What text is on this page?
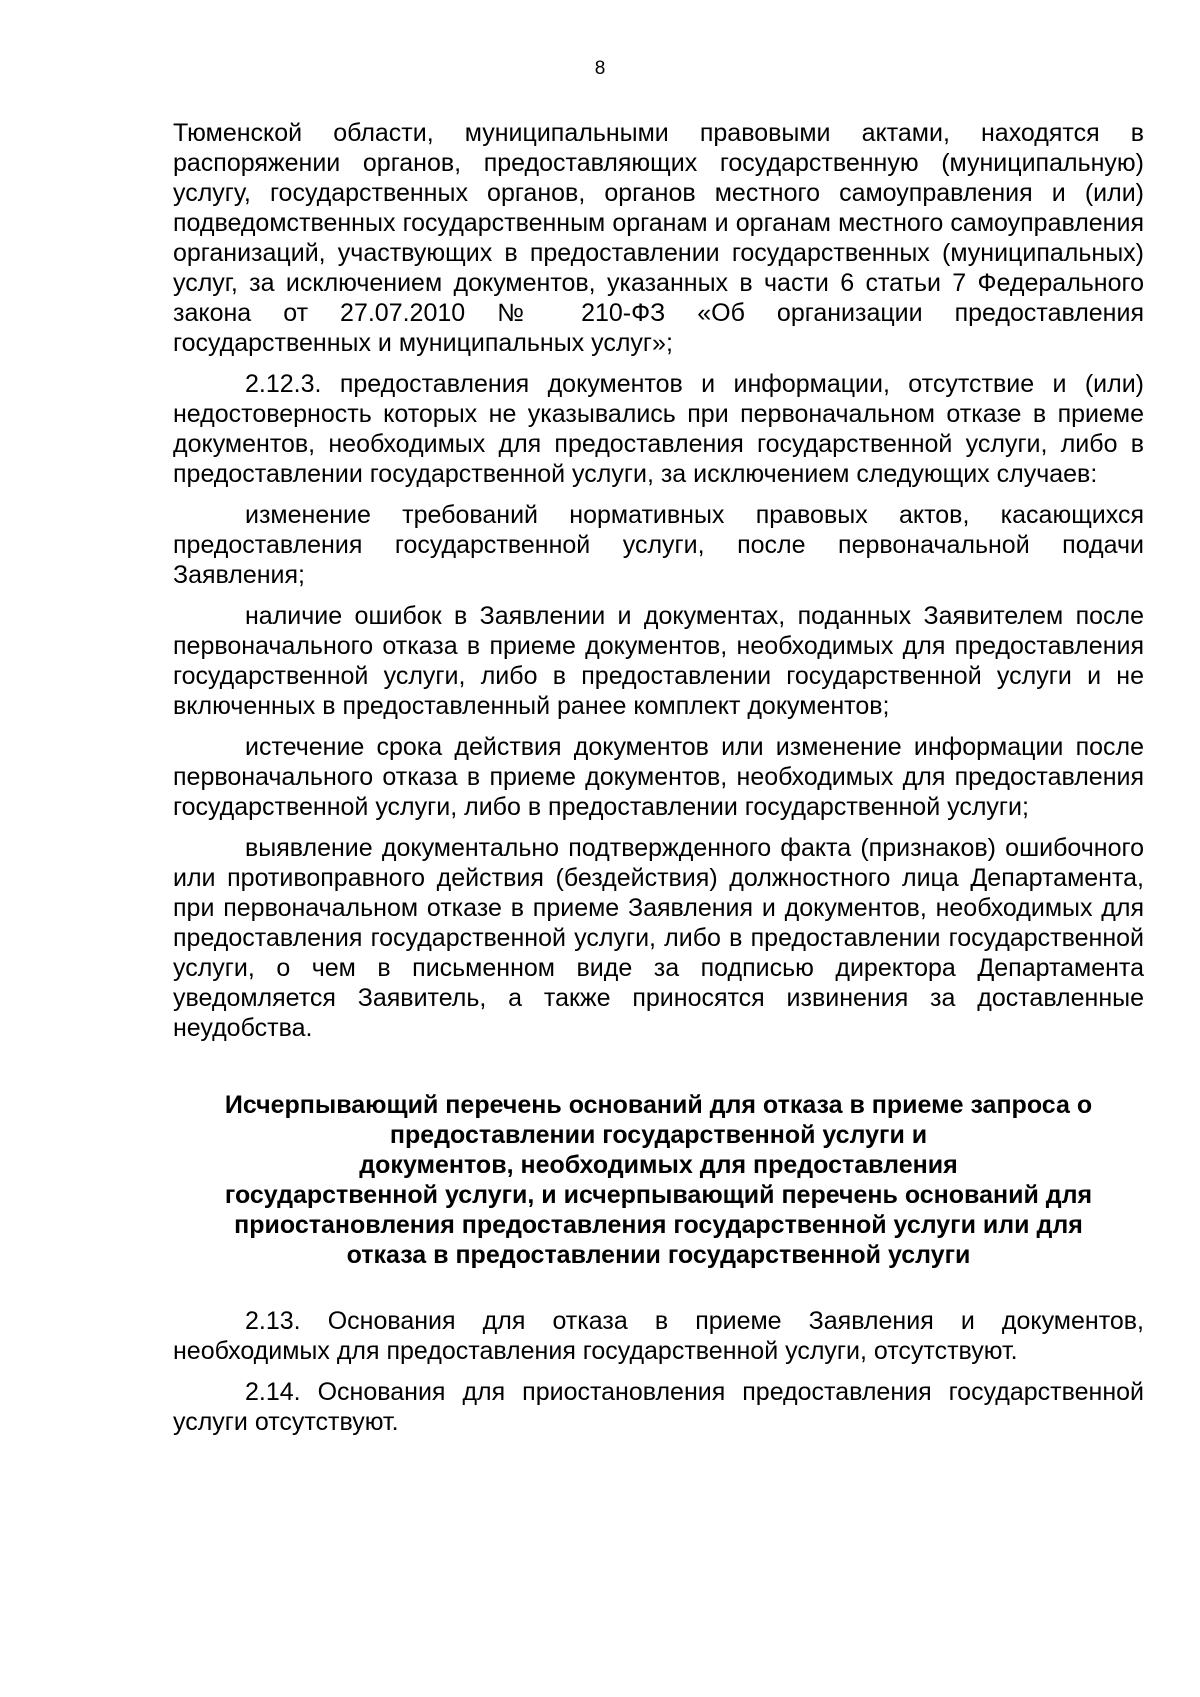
8

Тюменской области, муниципальными правовыми актами, находятся в распоряжении органов, предоставляющих государственную (муниципальную) услугу, государственных органов, органов местного самоуправления и (или) подведомственных государственным органам и органам местного самоуправления организаций, участвующих в предоставлении государственных (муниципальных) услуг, за исключением документов, указанных в части 6 статьи 7 Федерального закона от 27.07.2010 № 210-ФЗ «Об организации предоставления государственных и муниципальных услуг»;

2.12.3. предоставления документов и информации, отсутствие и (или) недостоверность которых не указывались при первоначальном отказе в приеме документов, необходимых для предоставления государственной услуги, либо в предоставлении государственной услуги, за исключением следующих случаев:

изменение требований нормативных правовых актов, касающихся предоставления государственной услуги, после первоначальной подачи Заявления;

наличие ошибок в Заявлении и документах, поданных Заявителем после первоначального отказа в приеме документов, необходимых для предоставления государственной услуги, либо в предоставлении государственной услуги и не включенных в предоставленный ранее комплект документов;

истечение срока действия документов или изменение информации после первоначального отказа в приеме документов, необходимых для предоставления государственной услуги, либо в предоставлении государственной услуги;

выявление документально подтвержденного факта (признаков) ошибочного или противоправного действия (бездействия) должностного лица Департамента, при первоначальном отказе в приеме Заявления и документов, необходимых для предоставления государственной услуги, либо в предоставлении государственной услуги, о чем в письменном виде за подписью директора Департамента уведомляется Заявитель, а также приносятся извинения за доставленные неудобства.

Исчерпывающий перечень оснований для отказа в приеме запроса о
предоставлении государственной услуги и
документов, необходимых для предоставления
государственной услуги, и исчерпывающий перечень оснований для
приостановления предоставления государственной услуги или для
отказа в предоставлении государственной услуги

2.13. Основания для отказа в приеме Заявления и документов, необходимых для предоставления государственной услуги, отсутствуют.

2.14. Основания для приостановления предоставления государственной услуги отсутствуют.
